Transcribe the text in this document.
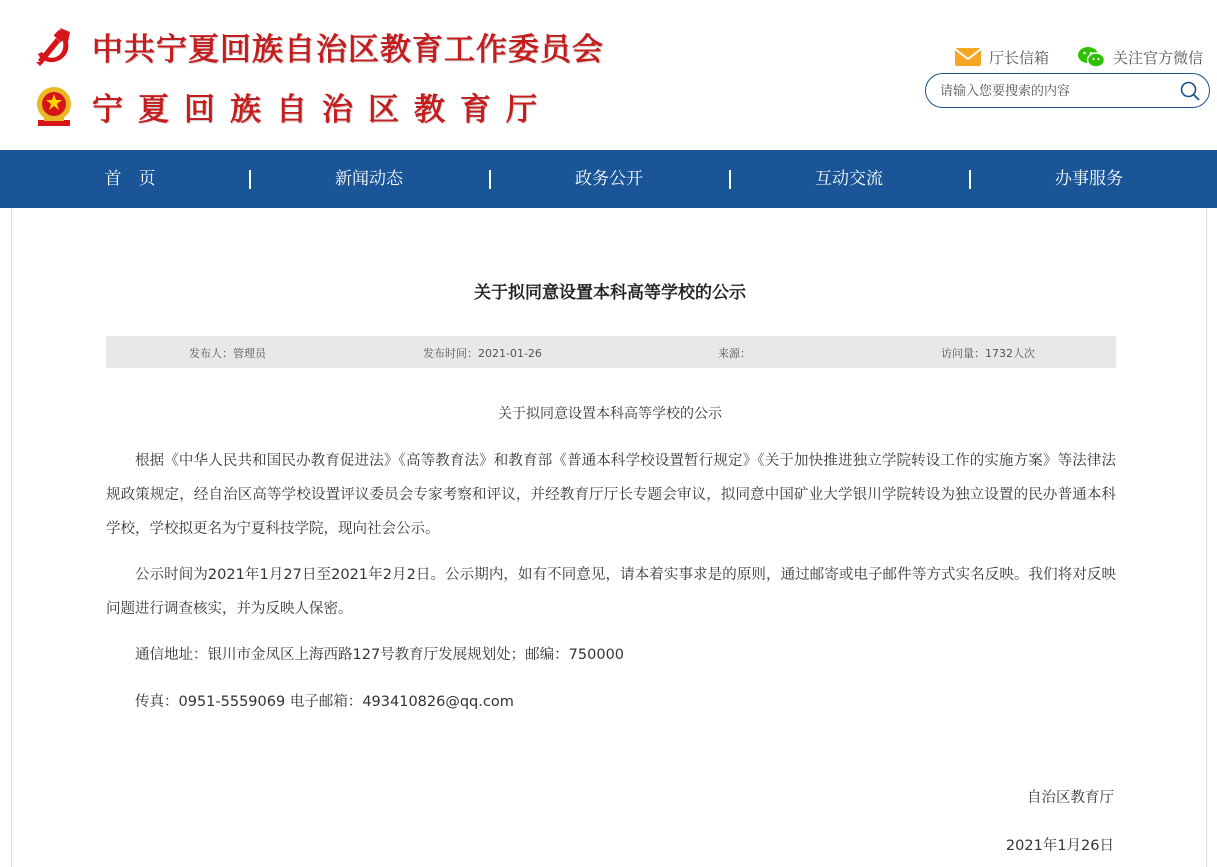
中共宁夏回族自治区教育工作委员会
宁夏回族自治区教育厅
厅长信箱	关注官方微信
请输入您要搜索的内容
首　页	新闻动态	政务公开	互动交流	办事服务
关于拟同意设置本科高等学校的公示
发布人：管理员	发布时间：2021-01-26	来源：	访问量：1732人次
关于拟同意设置本科高等学校的公示

根据《中华人民共和国民办教育促进法》《高等教育法》和教育部《普通本科学校设置暂行规定》《关于加快推进独立学院转设工作的实施方案》等法律法规政策规定，经自治区高等学校设置评议委员会专家考察和评议，并经教育厅厅长专题会审议，拟同意中国矿业大学银川学院转设为独立设置的民办普通本科学校，学校拟更名为宁夏科技学院，现向社会公示。

公示时间为2021年1月27日至2021年2月2日。公示期内，如有不同意见，请本着实事求是的原则，通过邮寄或电子邮件等方式实名反映。我们将对反映问题进行调查核实，并为反映人保密。

通信地址：银川市金凤区上海西路127号教育厅发展规划处；邮编：750000

传真：0951-5559069 电子邮箱：493410826@qq.com

自治区教育厅
2021年1月26日
